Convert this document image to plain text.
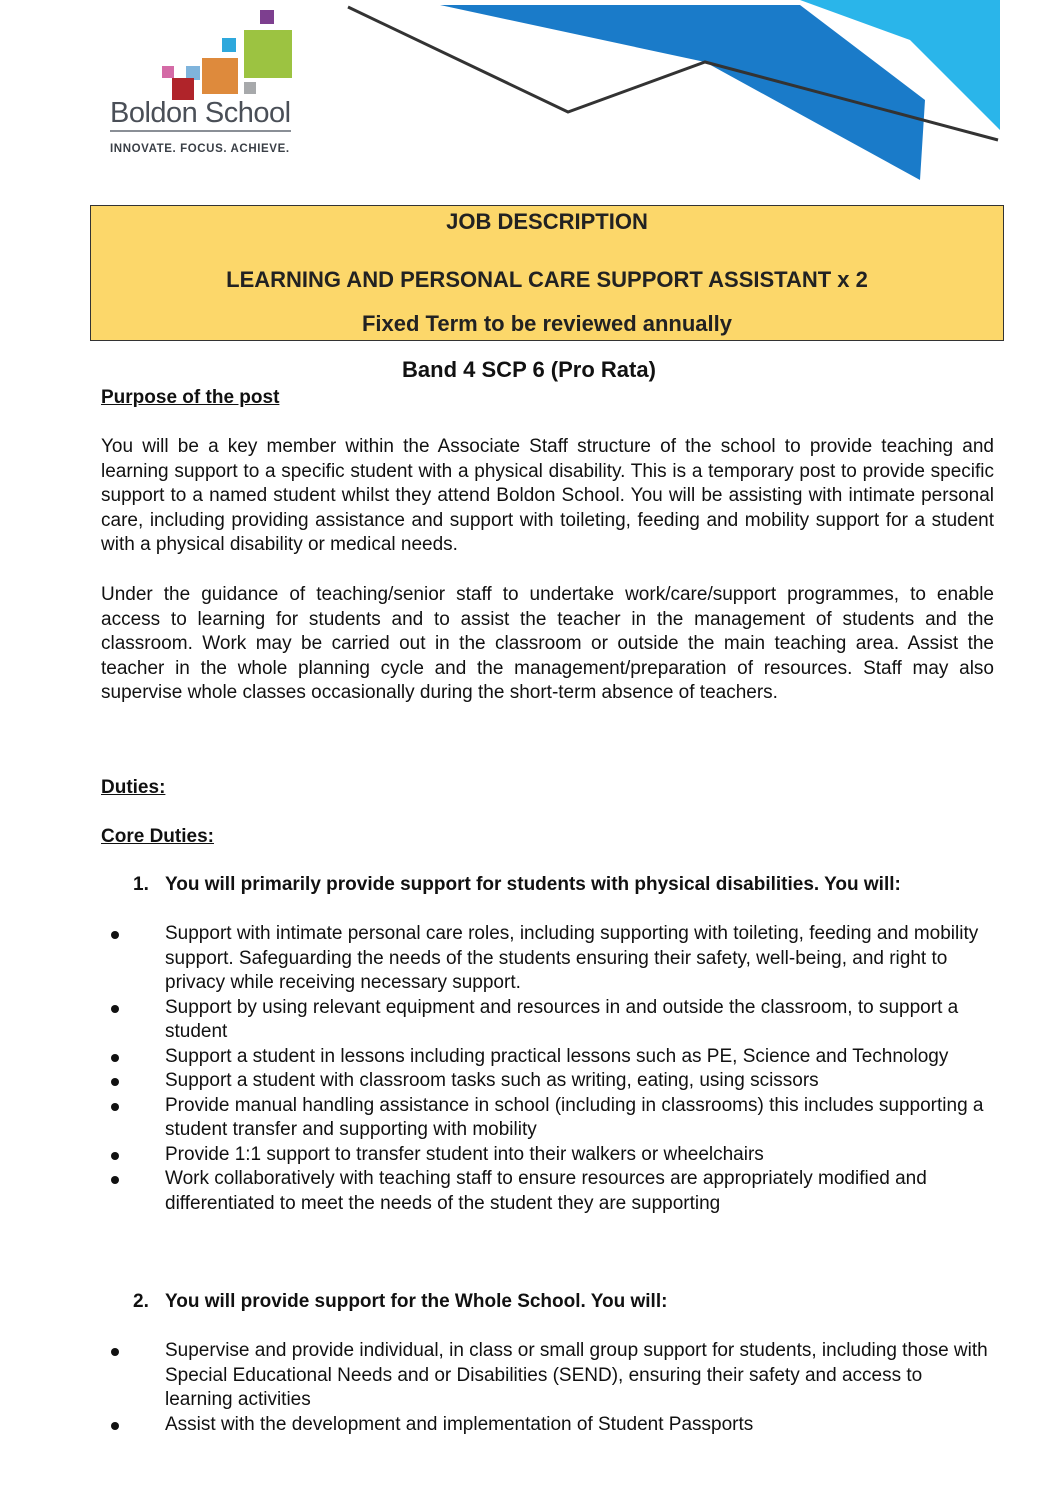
Boldon School
INNOVATE. FOCUS. ACHIEVE.
JOB DESCRIPTION
LEARNING AND PERSONAL CARE SUPPORT ASSISTANT x 2
Fixed Term to be reviewed annually
Band 4 SCP 6 (Pro Rata)
Purpose of the post

You will be a key member within the Associate Staff structure of the school to provide teaching and learning support to a specific student with a physical disability. This is a temporary post to provide specific support to a named student whilst they attend Boldon School. You will be assisting with intimate personal care, including providing assistance and support with toileting, feeding and mobility support for a student with a physical disability or medical needs.

Under the guidance of teaching/senior staff to undertake work/care/support programmes, to enable access to learning for students and to assist the teacher in the management of students and the classroom. Work may be carried out in the classroom or outside the main teaching area. Assist the teacher in the whole planning cycle and the management/preparation of resources. Staff may also supervise whole classes occasionally during the short-term absence of teachers.

Duties:
Core Duties:
1. You will primarily provide support for students with physical disabilities. You will:
Support with intimate personal care roles, including supporting with toileting, feeding and mobility support. Safeguarding the needs of the students ensuring their safety, well-being, and right to privacy while receiving necessary support.
Support by using relevant equipment and resources in and outside the classroom, to support a student
Support a student in lessons including practical lessons such as PE, Science and Technology
Support a student with classroom tasks such as writing, eating, using scissors
Provide manual handling assistance in school (including in classrooms) this includes supporting a student transfer and supporting with mobility
Provide 1:1 support to transfer student into their walkers or wheelchairs
Work collaboratively with teaching staff to ensure resources are appropriately modified and differentiated to meet the needs of the student they are supporting
2. You will provide support for the Whole School. You will:
Supervise and provide individual, in class or small group support for students, including those with Special Educational Needs and or Disabilities (SEND), ensuring their safety and access to learning activities
Assist with the development and implementation of Student Passports
